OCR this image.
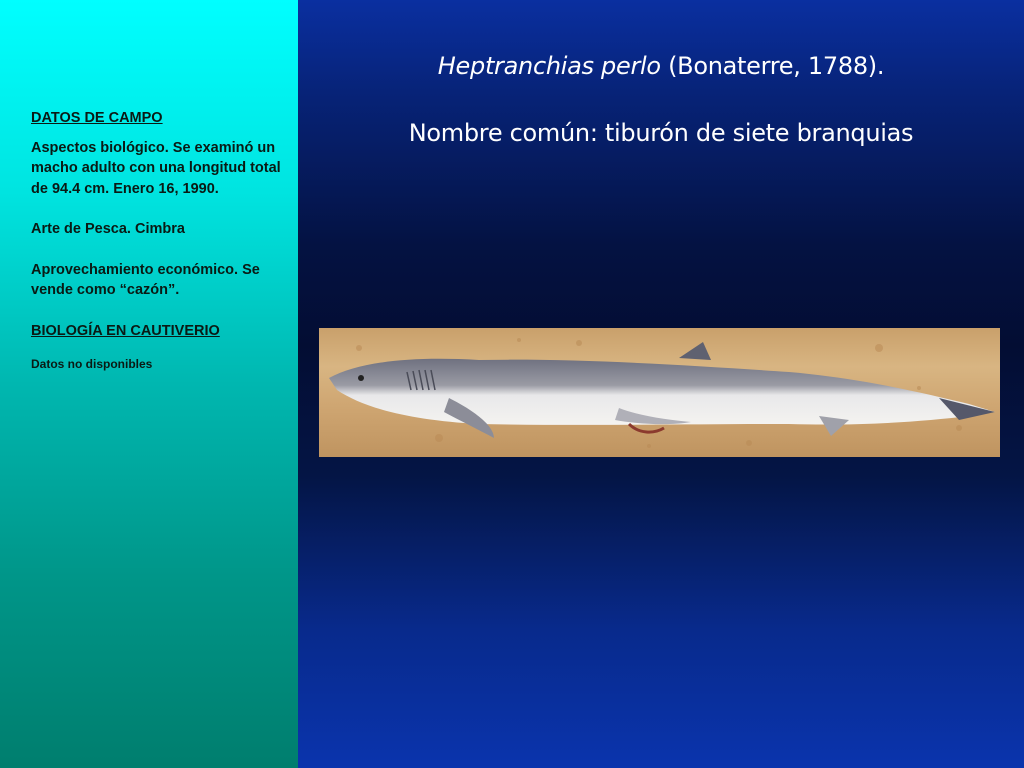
DATOS DE CAMPO
Aspectos biológico. Se examinó un macho adulto con una longitud total de 94.4 cm. Enero 16, 1990.
Arte de Pesca. Cimbra
Aprovechamiento económico. Se vende como “cazón”.
BIOLOGÍA EN CAUTIVERIO
Datos no disponibles
Heptranchias perlo (Bonaterre, 1788).
Nombre común: tiburón de siete branquias
